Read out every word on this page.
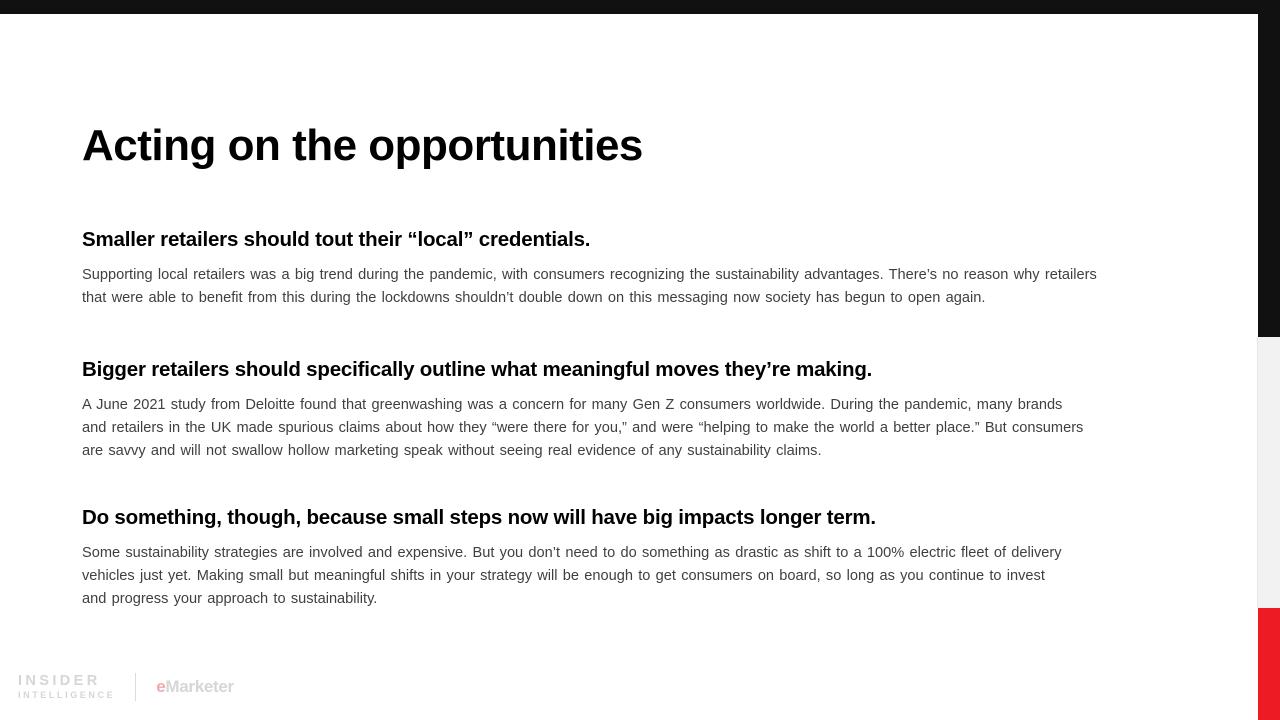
Acting on the opportunities
Smaller retailers should tout their “local” credentials.

Supporting local retailers was a big trend during the pandemic, with consumers recognizing the sustainability advantages. There’s no reason why retailers that were able to benefit from this during the lockdowns shouldn’t double down on this messaging now society has begun to open again.

Bigger retailers should specifically outline what meaningful moves they’re making.

A June 2021 study from Deloitte found that greenwashing was a concern for many Gen Z consumers worldwide. During the pandemic, many brands and retailers in the UK made spurious claims about how they “were there for you,” and were “helping to make the world a better place.” But consumers are savvy and will not swallow hollow marketing speak without seeing real evidence of any sustainability claims.

Do something, though, because small steps now will have big impacts longer term.

Some sustainability strategies are involved and expensive. But you don’t need to do something as drastic as shift to a 100% electric fleet of delivery vehicles just yet. Making small but meaningful shifts in your strategy will be enough to get consumers on board, so long as you continue to invest and progress your approach to sustainability.

INSIDER
INTELLIGENCE eMarketer
